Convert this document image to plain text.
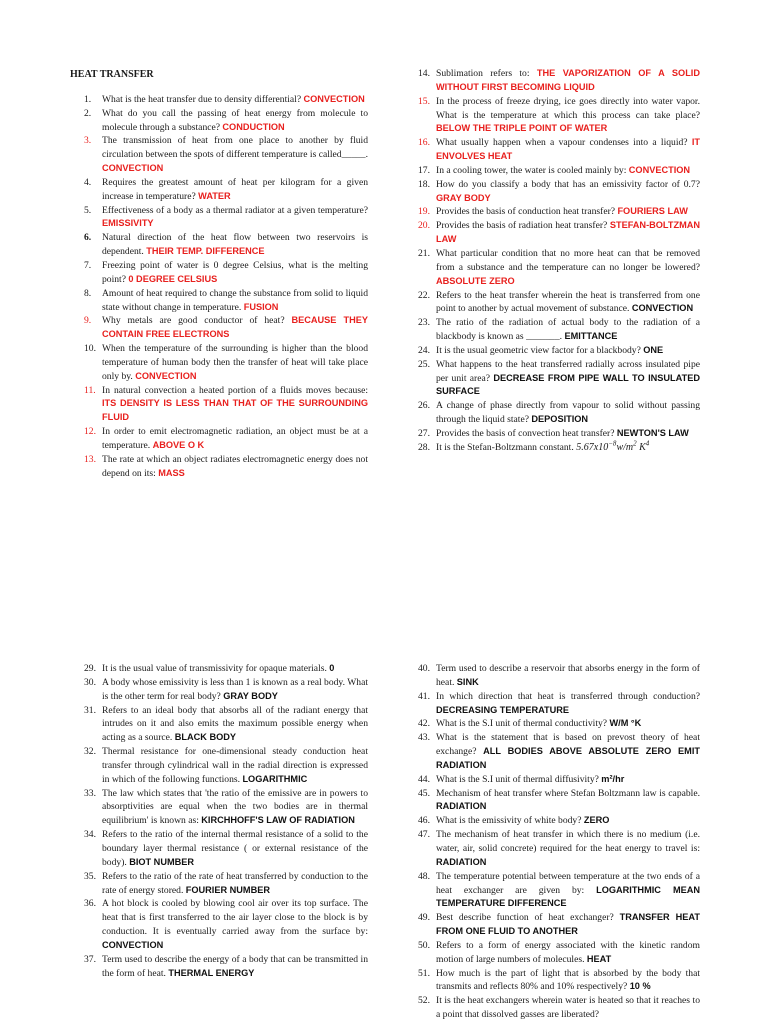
HEAT TRANSFER
1. What is the heat transfer due to density differential? CONVECTION
2. What do you call the passing of heat energy from molecule to molecule through a substance? CONDUCTION
3. The transmission of heat from one place to another by fluid circulation between the spots of different temperature is called_____. CONVECTION
4. Requires the greatest amount of heat per kilogram for a given increase in temperature? WATER
5. Effectiveness of a body as a thermal radiator at a given temperature? EMISSIVITY
6. Natural direction of the heat flow between two reservoirs is dependent. THEIR TEMP. DIFFERENCE
7. Freezing point of water is 0 degree Celsius, what is the melting point? 0 DEGREE CELSIUS
8. Amount of heat required to change the substance from solid to liquid state without change in temperature. FUSION
9. Why metals are good conductor of heat? BECAUSE THEY CONTAIN FREE ELECTRONS
10. When the temperature of the surrounding is higher than the blood temperature of human body then the transfer of heat will take place only by. CONVECTION
11. In natural convection a heated portion of a fluids moves because: ITS DENSITY IS LESS THAN THAT OF THE SURROUNDING FLUID
12. In order to emit electromagnetic radiation, an object must be at a temperature. ABOVE O K
13. The rate at which an object radiates electromagnetic energy does not depend on its: MASS
14. Sublimation refers to: THE VAPORIZATION OF A SOLID WITHOUT FIRST BECOMING LIQUID
15. In the process of freeze drying, ice goes directly into water vapor. What is the temperature at which this process can take place? BELOW THE TRIPLE POINT OF WATER
16. What usually happen when a vapour condenses into a liquid? IT ENVOLVES HEAT
17. In a cooling tower, the water is cooled mainly by: CONVECTION
18. How do you classify a body that has an emissivity factor of 0.7? GRAY BODY
19. Provides the basis of conduction heat transfer? FOURIERS LAW
20. Provides the basis of radiation heat transfer? STEFAN-BOLTZMAN LAW
21. What particular condition that no more heat can that be removed from a substance and the temperature can no longer be lowered? ABSOLUTE ZERO
22. Refers to the heat transfer wherein the heat is transferred from one point to another by actual movement of substance. CONVECTION
23. The ratio of the radiation of actual body to the radiation of a blackbody is known as _______. EMITTANCE
24. It is the usual geometric view factor for a blackbody? ONE
25. What happens to the heat transferred radially across insulated pipe per unit area? DECREASE FROM PIPE WALL TO INSULATED SURFACE
26. A change of phase directly from vapour to solid without passing through the liquid state? DEPOSITION
27. Provides the basis of convection heat transfer? NEWTON'S LAW
28. It is the Stefan-Boltzmann constant. $5.67x10^{-8}w/m^2$ $K^4$
29. It is the usual value of transmissivity for opaque materials. 0
30. A body whose emissivity is less than 1 is known as a real body. What is the other term for real body? GRAY BODY
31. Refers to an ideal body that absorbs all of the radiant energy that intrudes on it and also emits the maximum possible energy when acting as a source. BLACK BODY
32. Thermal resistance for one-dimensional steady conduction heat transfer through cylindrical wall in the radial direction is expressed in which of the following functions. LOGARITHMIC
33. The law which states that 'the ratio of the emissive are in powers to absorptivities are equal when the two bodies are in thermal equilibrium' is known as: KIRCHHOFF'S LAW OF RADIATION
34. Refers to the ratio of the internal thermal resistance of a solid to the boundary layer thermal resistance ( or external resistance of the body). BIOT NUMBER
35. Refers to the ratio of the rate of heat transferred by conduction to the rate of energy stored. FOURIER NUMBER
36. A hot block is cooled by blowing cool air over its top surface. The heat that is first transferred to the air layer close to the block is by conduction. It is eventually carried away from the surface by: CONVECTION
37. Term used to describe the energy of a body that can be transmitted in the form of heat. THERMAL ENERGY
40. Term used to describe a reservoir that absorbs energy in the form of heat. SINK
41. In which direction that heat is transferred through conduction? DECREASING TEMPERATURE
42. What is the S.I unit of thermal conductivity? W/M °K
43. What is the statement that is based on prevost theory of heat exchange? ALL BODIES ABOVE ABSOLUTE ZERO EMIT RADIATION
44. What is the S.I unit of thermal diffusivity? m²/hr
45. Mechanism of heat transfer where Stefan Boltzmann law is capable. RADIATION
46. What is the emissivity of white body? ZERO
47. The mechanism of heat transfer in which there is no medium (i.e. water, air, solid concrete) required for the heat energy to travel is: RADIATION
48. The temperature potential between temperature at the two ends of a heat exchanger are given by: LOGARITHMIC MEAN TEMPERATURE DIFFERENCE
49. Best describe function of heat exchanger? TRANSFER HEAT FROM ONE FLUID TO ANOTHER
50. Refers to a form of energy associated with the kinetic random motion of large numbers of molecules. HEAT
51. How much is the part of light that is absorbed by the body that transmits and reflects 80% and 10% respectively? 10 %
52. It is the heat exchangers wherein water is heated so that it reaches to a point that dissolved gasses are liberated?
